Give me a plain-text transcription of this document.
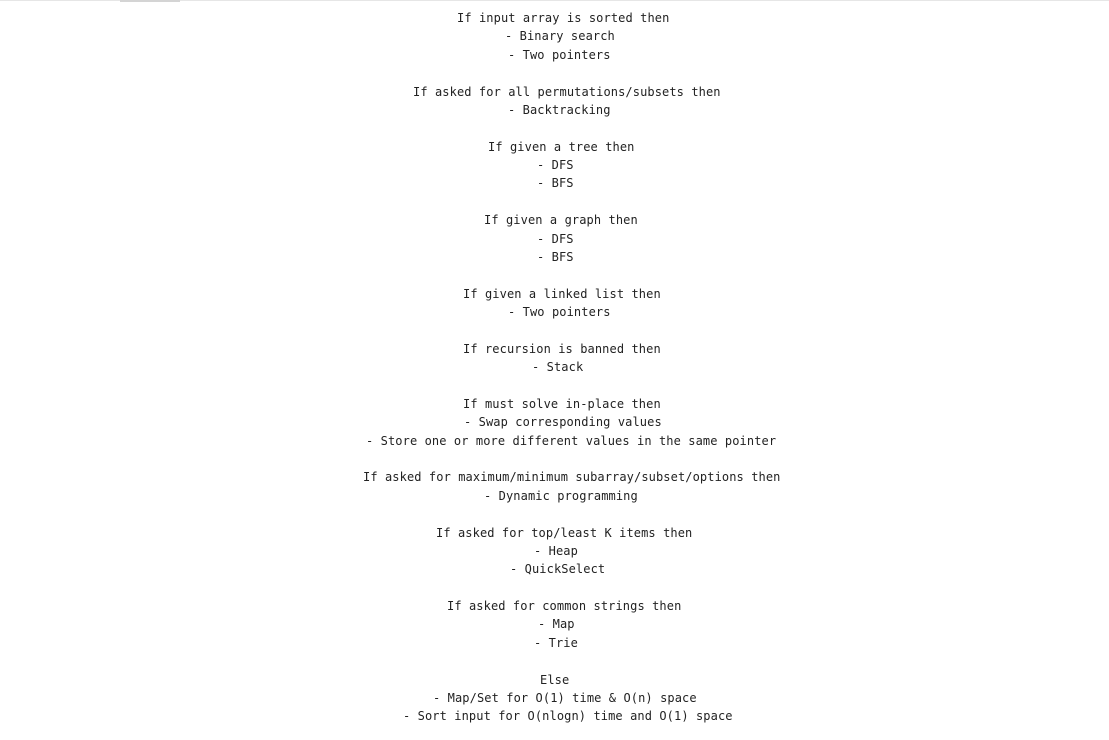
If input array is sorted then
- Binary search
- Two pointers
If asked for all permutations/subsets then
- Backtracking
If given a tree then
- DFS
- BFS
If given a graph then
- DFS
- BFS
If given a linked list then
- Two pointers
If recursion is banned then
- Stack
If must solve in-place then
- Swap corresponding values
- Store one or more different values in the same pointer
If asked for maximum/minimum subarray/subset/options then
- Dynamic programming
If asked for top/least K items then
- Heap
- QuickSelect
If asked for common strings then
- Map
- Trie
Else
- Map/Set for O(1) time & O(n) space
- Sort input for O(nlogn) time and O(1) space
